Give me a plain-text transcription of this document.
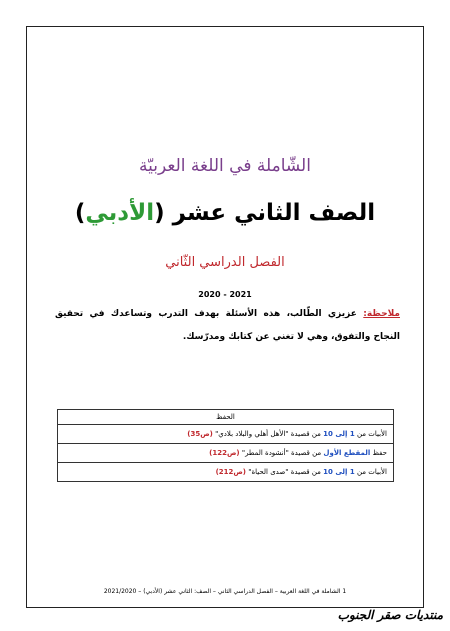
الشّاملة في اللغة العربيّة
الصف الثاني عشر (الأدبي)
الفصل الدراسي الثّاني
2020 - 2021
ملاحظة: عزيزي الطّالب، هذه الأسئلة بهدف التدرب وتساعدك في تحقيق النجاح والتفوق، وهي لا تغني عن كتابك ومدرّسك.
الحفظ
الأبيات من 1 إلى 10 من قصيدة "الأهل أهلي والبلاد بلادي" (ص35)
حفظ المقطع الأول من قصيدة "أنشودة المطر" (ص122)
الأبيات من 1 إلى 10 من قصيدة "صدى الحياة" (ص212)
1 الشاملة في اللغة العربية – الفصل الدراسي الثاني – الصف: الثاني عشر (الأدبي) – 2021/2020
منتديات صقر الجنوب
